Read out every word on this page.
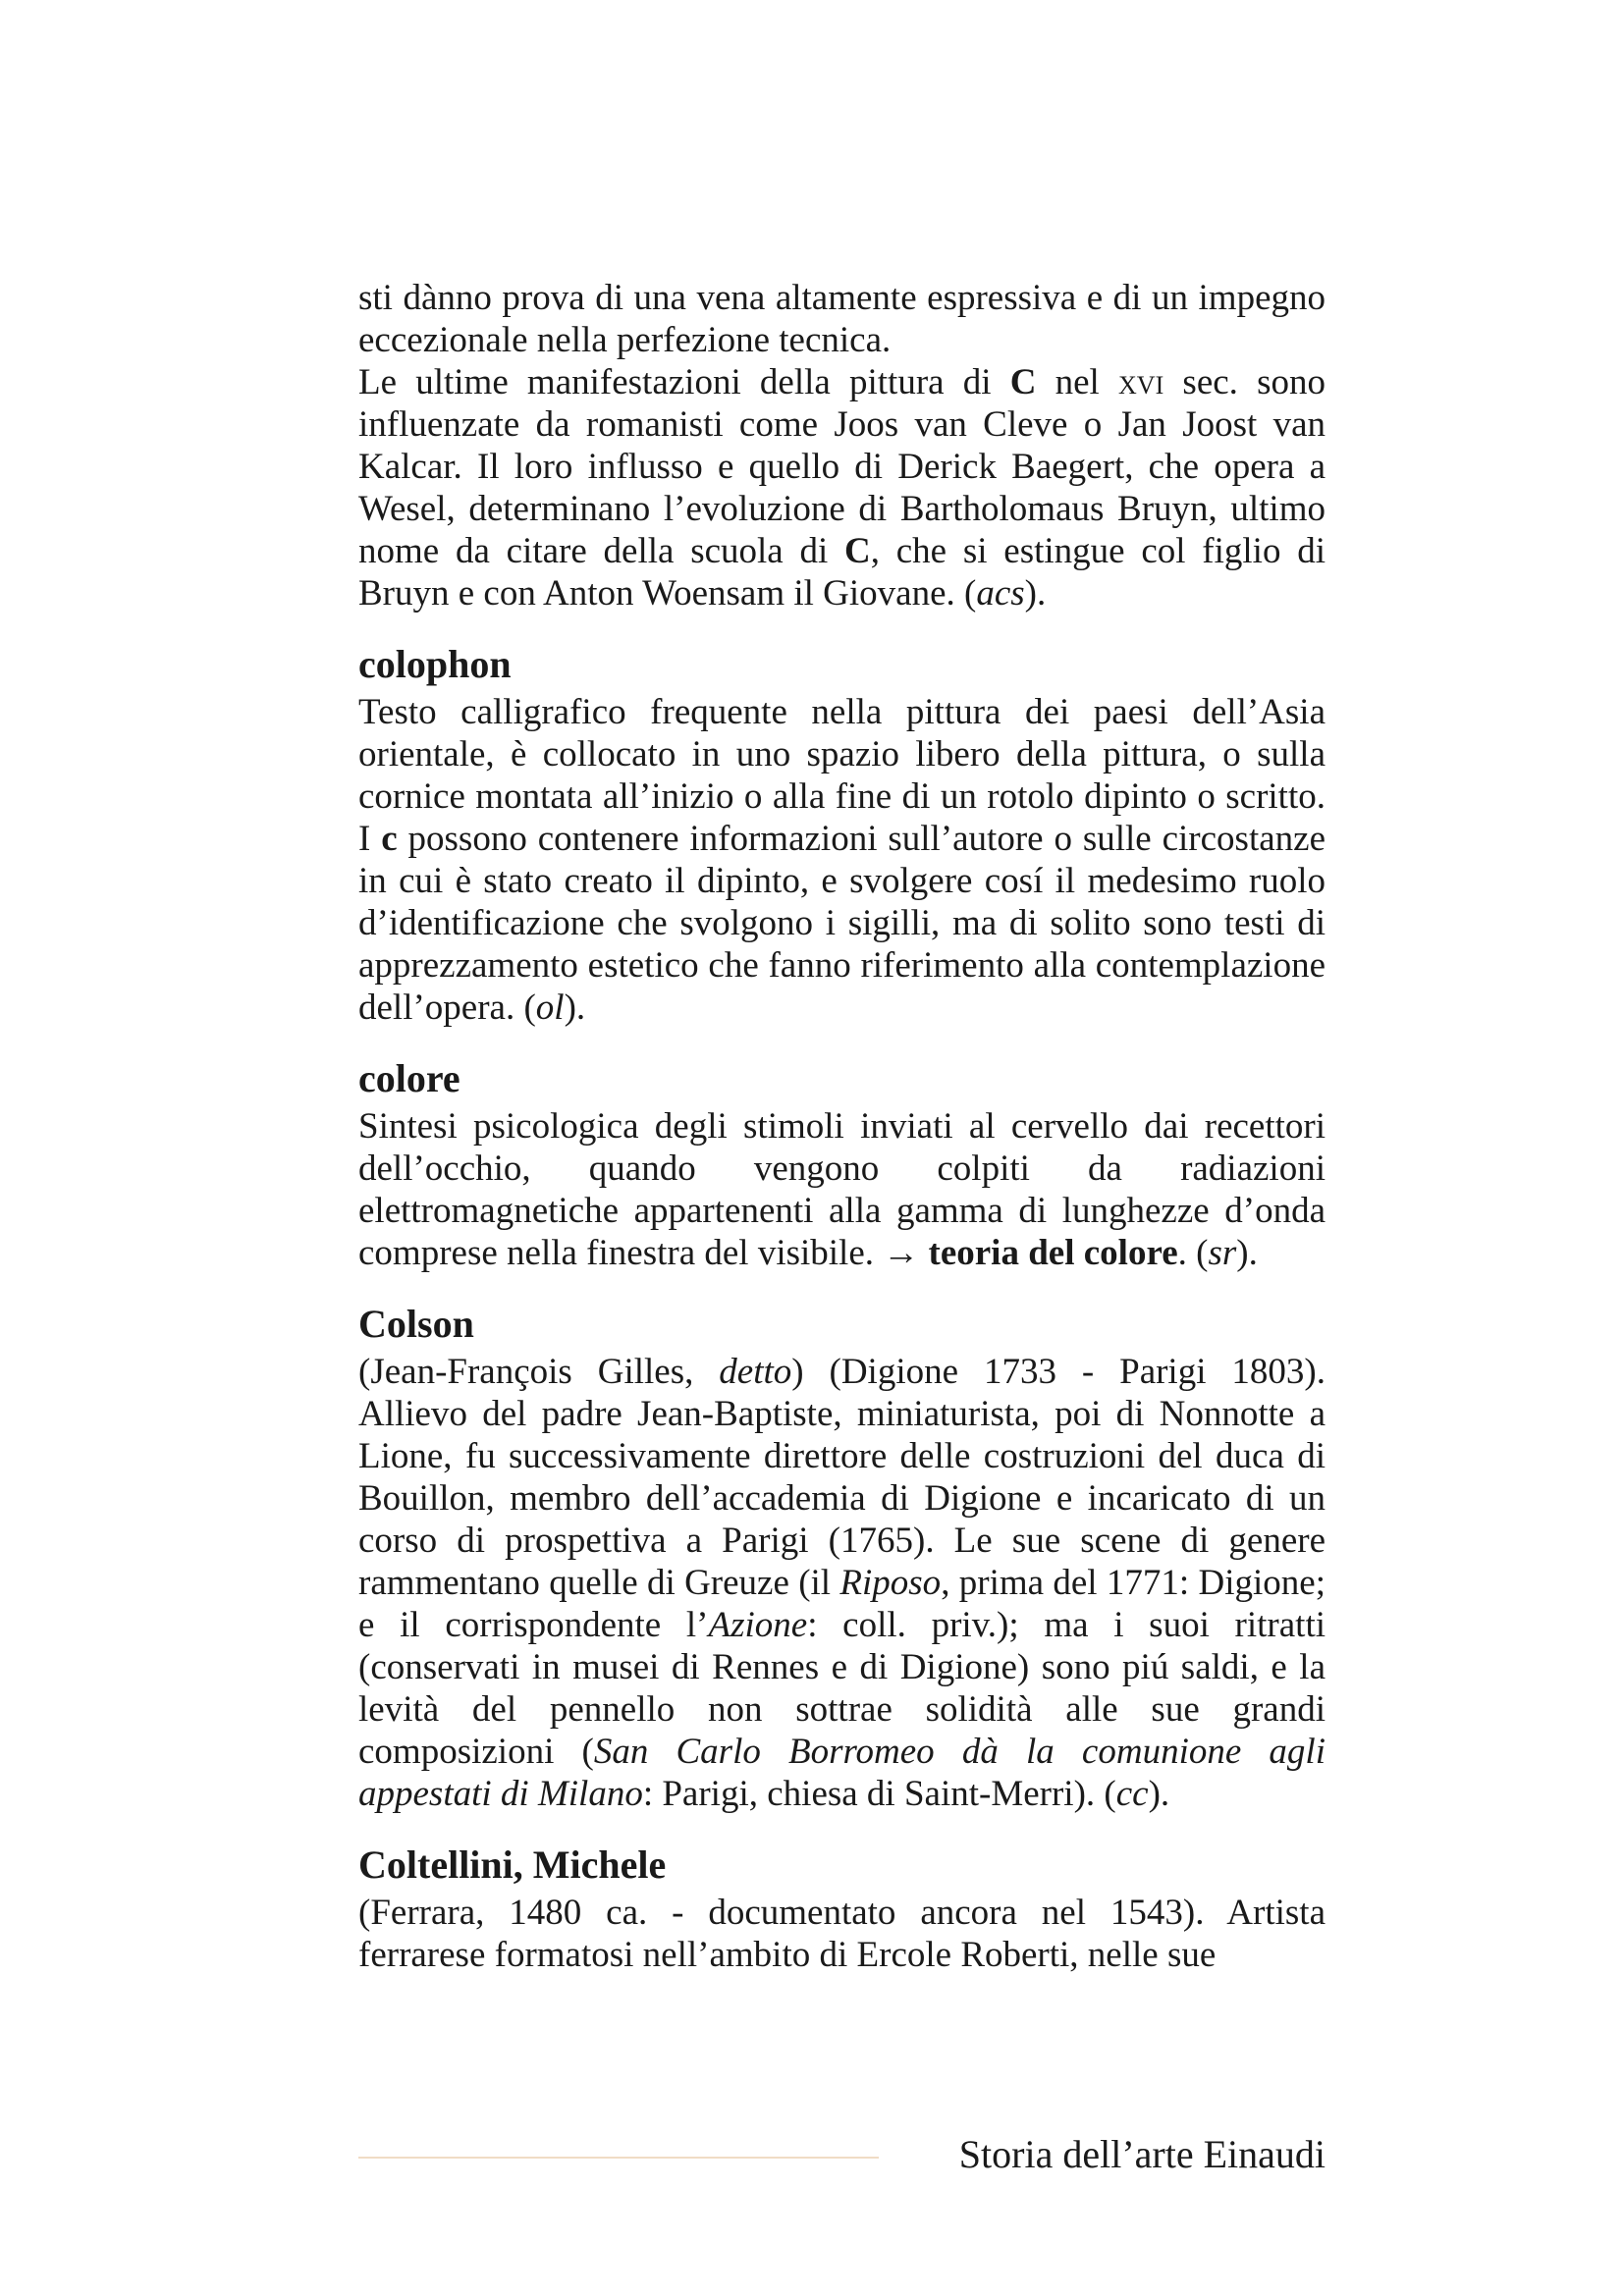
sti dànno prova di una vena altamente espressiva e di un impegno eccezionale nella perfezione tecnica.

Le ultime manifestazioni della pittura di C nel xvi sec. sono influenzate da romanisti come Joos van Cleve o Jan Joost van Kalcar. Il loro influsso e quello di Derick Baegert, che opera a Wesel, determinano l’evoluzione di Bartholomaus Bruyn, ultimo nome da citare della scuola di C, che si estingue col figlio di Bruyn e con Anton Woensam il Giovane. (acs).

colophon

Testo calligrafico frequente nella pittura dei paesi dell’Asia orientale, è collocato in uno spazio libero della pittura, o sulla cornice montata all’inizio o alla fine di un rotolo dipinto o scritto. I c possono contenere informazioni sull’autore o sulle circostanze in cui è stato creato il dipinto, e svolgere cosí il medesimo ruolo d’identificazione che svolgono i sigilli, ma di solito sono testi di apprezzamento estetico che fanno riferimento alla contemplazione dell’opera. (ol).

colore

Sintesi psicologica degli stimoli inviati al cervello dai recettori dell’occhio, quando vengono colpiti da radiazioni elettromagnetiche appartenenti alla gamma di lunghezze d’onda comprese nella finestra del visibile. → teoria del colore. (sr).

Colson

(Jean-François Gilles, detto) (Digione 1733 - Parigi 1803). Allievo del padre Jean-Baptiste, miniaturista, poi di Nonnotte a Lione, fu successivamente direttore delle costruzioni del duca di Bouillon, membro dell’accademia di Digione e incaricato di un corso di prospettiva a Parigi (1765). Le sue scene di genere rammentano quelle di Greuze (il Riposo, prima del 1771: Digione; e il corrispondente l’Azione: coll. priv.); ma i suoi ritratti (conservati in musei di Rennes e di Digione) sono piú saldi, e la levità del pennello non sottrae solidità alle sue grandi composizioni (San Carlo Borromeo dà la comunione agli appestati di Milano: Parigi, chiesa di Saint-Merri). (cc).

Coltellini, Michele

(Ferrara, 1480 ca. - documentato ancora nel 1543). Artista ferrarese formatosi nell’ambito di Ercole Roberti, nelle sue

Storia dell’arte Einaudi
